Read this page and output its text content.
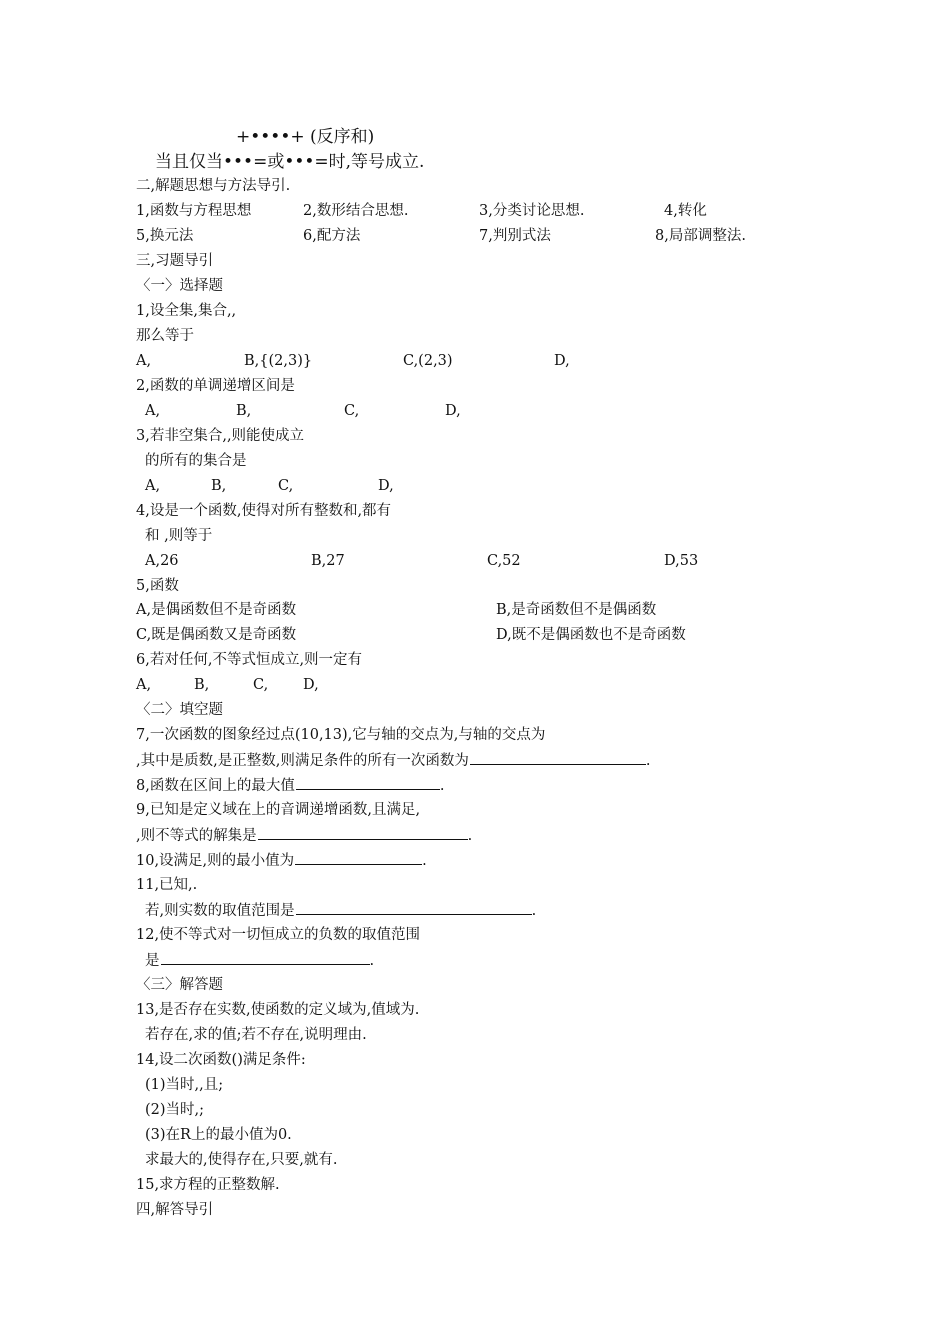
+••••+ (反序和)
当且仅当•••=或•••=时,等号成立.
二,解题思想与方法导引.
1,函数与方程思想	2,数形结合思想.	3,分类讨论思想.	4,转化
5,换元法	6,配方法	7,判别式法	8,局部调整法.
三,习题导引
〈一〉选择题
1,设全集,集合,,
那么等于
A,	B,{(2,3)}	C,(2,3)	D,
2,函数的单调递增区间是
A,	B,	C,	D,
3,若非空集合,,则能使成立
的所有的集合是
A,	B,	C,	D,
4,设是一个函数,使得对所有整数和,都有
和 ,则等于
A,26	B,27	C,52	D,53
5,函数
A,是偶函数但不是奇函数	B,是奇函数但不是偶函数
C,既是偶函数又是奇函数	D,既不是偶函数也不是奇函数
6,若对任何,不等式恒成立,则一定有
A,	B,	C, D,
〈二〉填空题
7,一次函数的图象经过点(10,13),它与轴的交点为,与轴的交点为
,其中是质数,是正整数,则满足条件的所有一次函数为	.
8,函数在区间上的最大值	.
9,已知是定义域在上的音调递增函数,且满足,
,则不等式的解集是	.
10,设满足,则的最小值为	.
11,已知,.
若,则实数的取值范围是	.
12,使不等式对一切恒成立的负数的取值范围
是	.
〈三〉解答题
13,是否存在实数,使函数的定义域为,值域为.
若存在,求的值;若不存在,说明理由.
14,设二次函数()满足条件:
(1)当时,,且;
(2)当时,;
(3)在R上的最小值为0.
求最大的,使得存在,只要,就有.
15,求方程的正整数解.
四,解答导引
